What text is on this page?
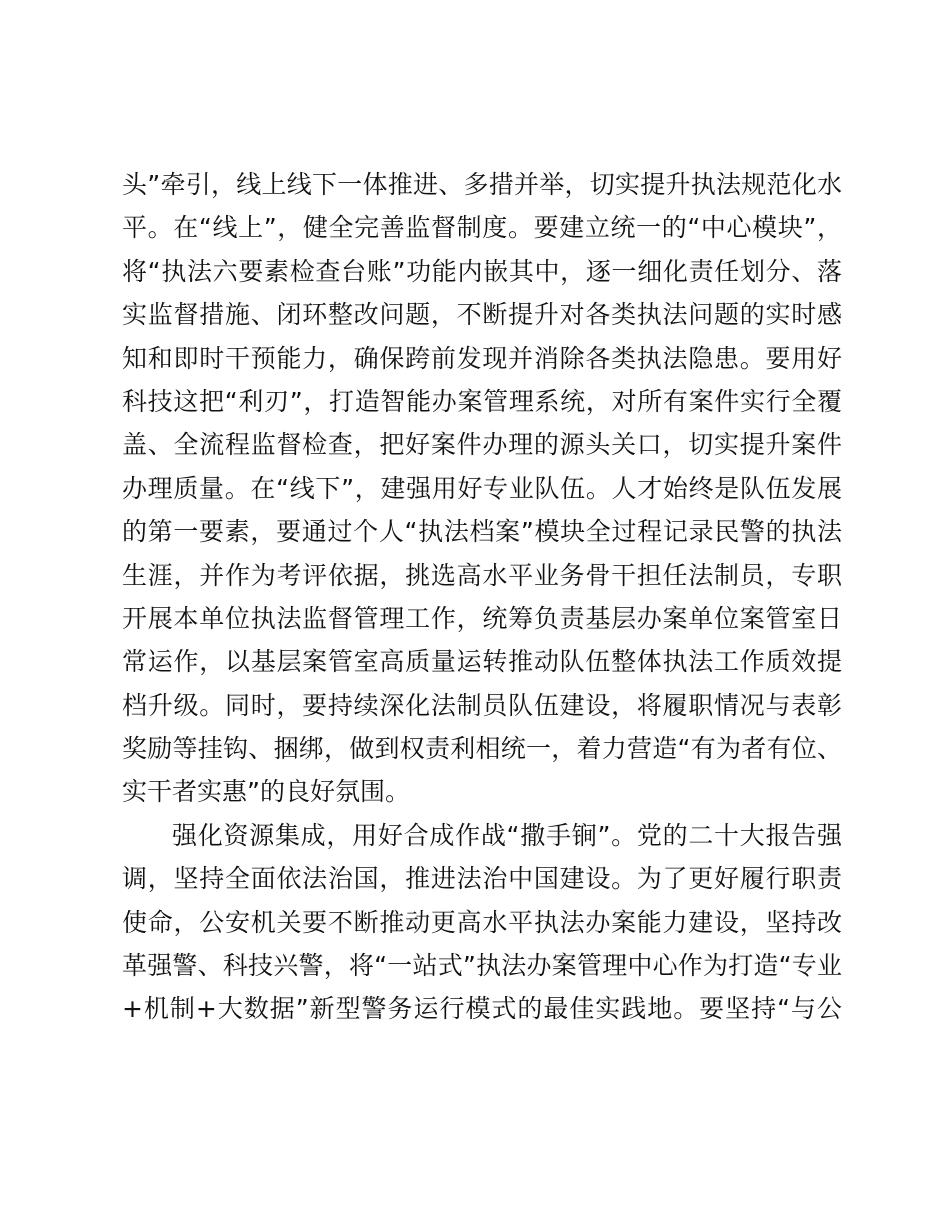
头”牵引，线上线下一体推进、多措并举，切实提升执法规范化水
平。在“线上”，健全完善监督制度。要建立统一的“中心模块”，
将“执法六要素检查台账”功能内嵌其中，逐一细化责任划分、落
实监督措施、闭环整改问题，不断提升对各类执法问题的实时感
知和即时干预能力，确保跨前发现并消除各类执法隐患。要用好
科技这把“利刃”，打造智能办案管理系统，对所有案件实行全覆
盖、全流程监督检查，把好案件办理的源头关口，切实提升案件
办理质量。在“线下”，建强用好专业队伍。人才始终是队伍发展
的第一要素，要通过个人“执法档案”模块全过程记录民警的执法
生涯，并作为考评依据，挑选高水平业务骨干担任法制员，专职
开展本单位执法监督管理工作，统筹负责基层办案单位案管室日
常运作，以基层案管室高质量运转推动队伍整体执法工作质效提
档升级。同时，要持续深化法制员队伍建设，将履职情况与表彰
奖励等挂钩、捆绑，做到权责利相统一，着力营造“有为者有位、
实干者实惠”的良好氛围。
强化资源集成，用好合成作战“撒手锏”。党的二十大报告强
调，坚持全面依法治国，推进法治中国建设。为了更好履行职责
使命，公安机关要不断推动更高水平执法办案能力建设，坚持改
革强警、科技兴警，将“一站式”执法办案管理中心作为打造“专业
+机制+大数据”新型警务运行模式的最佳实践地。要坚持“与公
